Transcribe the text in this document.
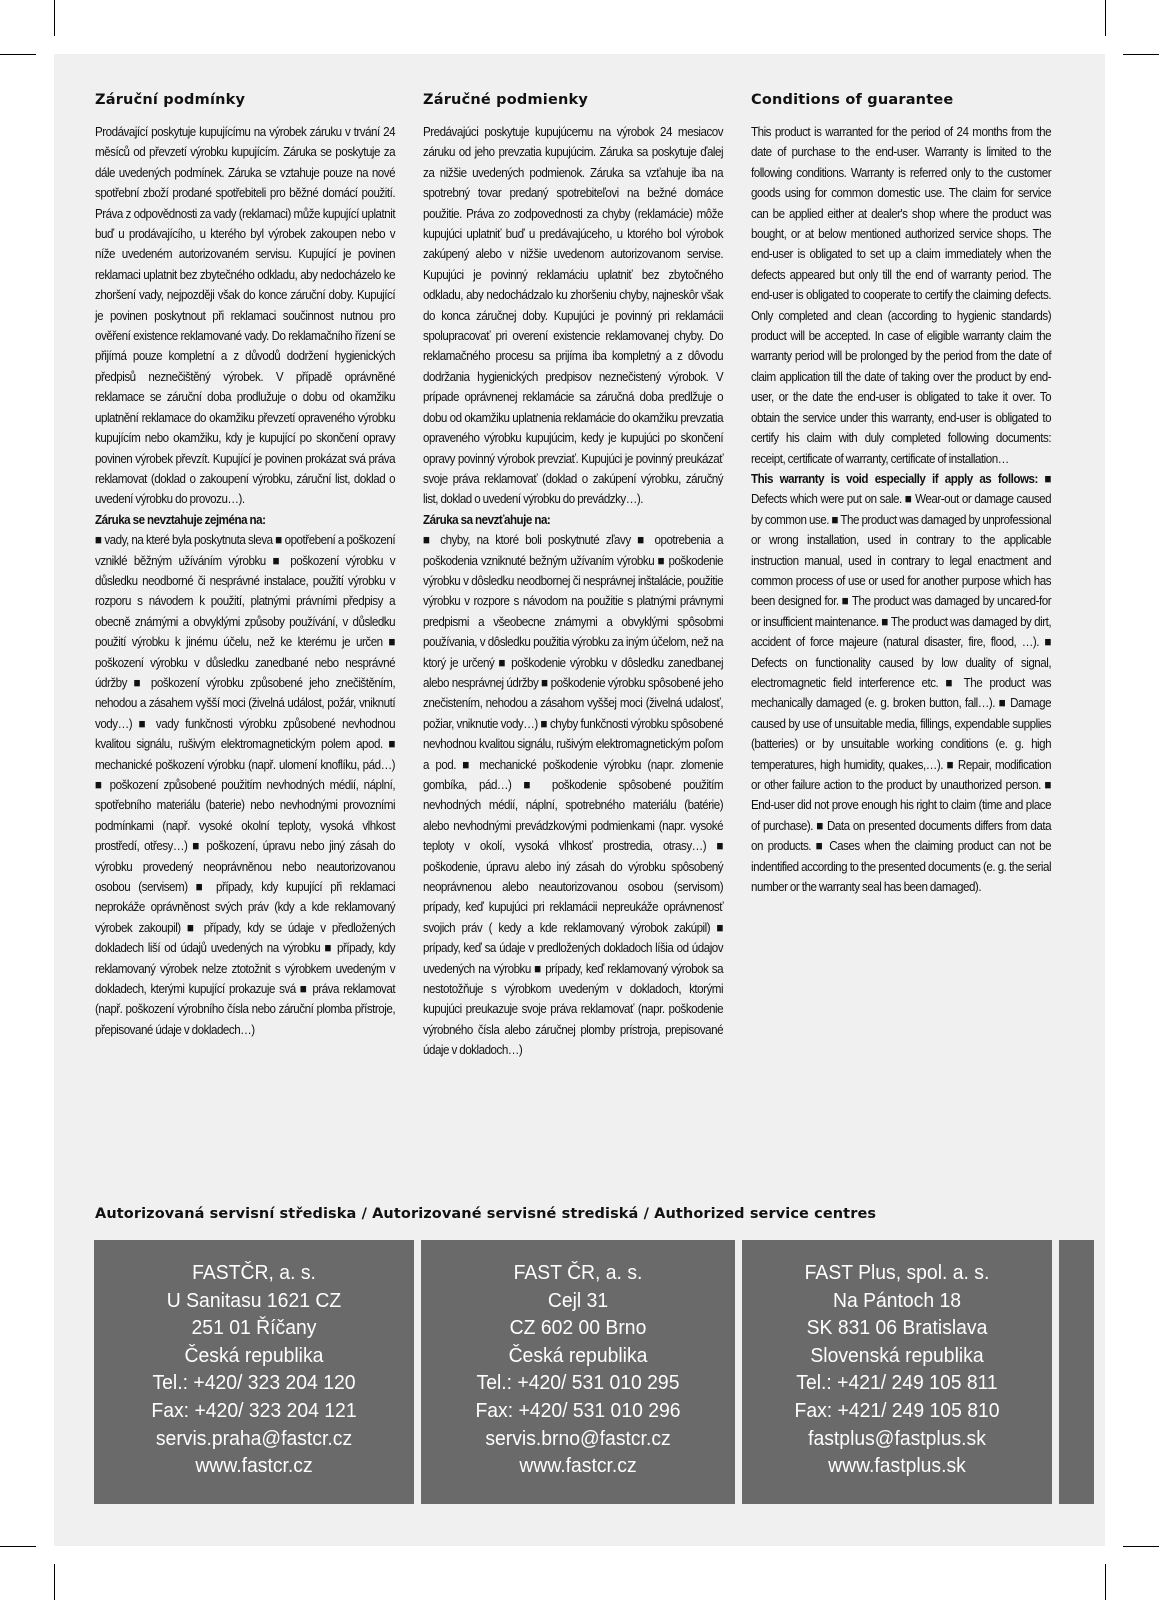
Záruční podmínky

Prodávající poskytuje kupujícímu na výrobek záruku v trvání 24 měsíců od převzetí výrobku kupujícím. Záruka se poskytuje za dále uvedených podmínek. Záruka se vztahuje pouze na nové spotřební zboží prodané spotřebiteli pro běžné domácí použití. Práva z odpovědnosti za vady (reklamaci) může kupující uplatnit buď u prodávajícího, u kterého byl výrobek zakoupen nebo v níže uvedeném autorizovaném servisu. Kupující je povinen reklamaci uplatnit bez zbytečného odkladu, aby nedocházelo ke zhoršení vady, nejpozději však do konce záruční doby. Kupující je povinen poskytnout při reklamaci součinnost nutnou pro ověření existence reklamované vady. Do reklamačního řízení se přijímá pouze kompletní a z důvodů dodržení hygienických předpisů neznečištěný výrobek. V případě oprávněné reklamace se záruční doba prodlužuje o dobu od okamžiku uplatnění reklamace do okamžiku převzetí opraveného výrobku kupujícím nebo okamžiku, kdy je kupující po skončení opravy povinen výrobek převzít. Kupující je povinen prokázat svá práva reklamovat (doklad o zakoupení výrobku, záruční list, doklad o uvedení výrobku do provozu…).

Záruka se nevztahuje zejména na:

■ vady, na které byla poskytnuta sleva ■ opotřebení a poškození vzniklé běžným užíváním výrobku ■ poškození výrobku v důsledku neodborné či nesprávné instalace, použití výrobku v rozporu s návodem k použití, platnými právními předpisy a obecně známými a obvyklými způsoby používání, v důsledku použití výrobku k jinému účelu, než ke kterému je určen ■ poškození výrobku v důsledku zanedbané nebo nesprávné údržby ■ poškození výrobku způsobené jeho znečištěním, nehodou a zásahem vyšší moci (živelná událost, požár, vniknutí vody…) ■ vady funkčnosti výrobku způsobené nevhodnou kvalitou signálu, rušivým elektromagnetickým polem apod. ■ mechanické poškození výrobku (např. ulomení knoflíku, pád…) ■ poškození způsobené použitím nevhodných médií, náplní, spotřebního materiálu (baterie) nebo nevhodnými provozními podmínkami (např. vysoké okolní teploty, vysoká vlhkost prostředí, otřesy…) ■ poškození, úpravu nebo jiný zásah do výrobku provedený neoprávněnou nebo neautorizovanou osobou (servisem) ■ případy, kdy kupující při reklamaci neprokáže oprávněnost svých práv (kdy a kde reklamovaný výrobek zakoupil) ■ případy, kdy se údaje v předložených dokladech liší od údajů uvedených na výrobku ■ případy, kdy reklamovaný výrobek nelze ztotožnit s výrobkem uvedeným v dokladech, kterými kupující prokazuje svá ■ práva reklamovat (např. poškození výrobního čísla nebo záruční plomba přístroje, přepisované údaje v dokladech…)

Záručné podmienky

Predávajúci poskytuje kupujúcemu na výrobok 24 mesiacov záruku od jeho prevzatia kupujúcim. Záruka sa poskytuje ďalej za nižšie uvedených podmienok. Záruka sa vzťahuje iba na spotrebný tovar predaný spotrebiteľovi na bežné domáce použitie. Práva zo zodpovednosti za chyby (reklamácie) môže kupujúci uplatniť buď u predávajúceho, u ktorého bol výrobok zakúpený alebo v nižšie uvedenom autorizovanom servise. Kupujúci je povinný reklamáciu uplatniť bez zbytočného odkladu, aby nedochádzalo ku zhoršeniu chyby, najneskôr však do konca záručnej doby. Kupujúci je povinný pri reklamácii spolupracovať pri overení existencie reklamovanej chyby. Do reklamačného procesu sa prijíma iba kompletný a z dôvodu dodržania hygienických predpisov neznečistený výrobok. V prípade oprávnenej reklamácie sa záručná doba predlžuje o dobu od okamžiku uplatnenia reklamácie do okamžiku prevzatia opraveného výrobku kupujúcim, kedy je kupujúci po skončení opravy povinný výrobok prevziať. Kupujúci je povinný preukázať svoje práva reklamovať (doklad o zakúpení výrobku, záručný list, doklad o uvedení výrobku do prevádzky…).

Záruka sa nevzťahuje na:

■ chyby, na ktoré boli poskytnuté zľavy ■ opotrebenia a poškodenia vzniknuté bežným užívaním výrobku ■ poškodenie výrobku v dôsledku neodbornej či nesprávnej inštalácie, použitie výrobku v rozpore s návodom na použitie s platnými právnymi predpismi a všeobecne známymi a obvyklými spôsobmi používania, v dôsledku použitia výrobku za iným účelom, než na ktorý je určený ■ poškodenie výrobku v dôsledku zanedbanej alebo nesprávnej údržby ■ poškodenie výrobku spôsobené jeho znečistením, nehodou a zásahom vyššej moci (živelná udalosť, požiar, vniknutie vody…) ■ chyby funkčnosti výrobku spôsobené nevhodnou kvalitou signálu, rušivým elektromagnetickým poľom a pod. ■ mechanické poškodenie výrobku (napr. zlomenie gombíka, pád…) ■ poškodenie spôsobené použitím nevhodných médií, náplní, spotrebného materiálu (batérie) alebo nevhodnými prevádzkovými podmienkami (napr. vysoké teploty v okolí, vysoká vlhkosť prostredia, otrasy…) ■ poškodenie, úpravu alebo iný zásah do výrobku spôsobený neoprávnenou alebo neautorizovanou osobou (servisom) prípady, keď kupujúci pri reklamácii nepreukáže oprávnenosť svojich práv ( kedy a kde reklamovaný výrobok zakúpil) ■ prípady, keď sa údaje v predložených dokladoch líšia od údajov uvedených na výrobku ■ prípady, keď reklamovaný výrobok sa nestotožňuje s výrobkom uvedeným v dokladoch, ktorými kupujúci preukazuje svoje práva reklamovať (napr. poškodenie výrobného čísla alebo záručnej plomby prístroja, prepisované údaje v dokladoch…)

Conditions of guarantee

This product is warranted for the period of 24 months from the date of purchase to the end-user. Warranty is limited to the following conditions. Warranty is referred only to the customer goods using for common domestic use. The claim for service can be applied either at dealer's shop where the product was bought, or at below mentioned authorized service shops. The end-user is obligated to set up a claim immediately when the defects appeared but only till the end of warranty period. The end-user is obligated to cooperate to certify the claiming defects. Only completed and clean (according to hygienic standards) product will be accepted. In case of eligible warranty claim the warranty period will be prolonged by the period from the date of claim application till the date of taking over the product by end-user, or the date the end-user is obligated to take it over. To obtain the service under this warranty, end-user is obligated to certify his claim with duly completed following documents: receipt, certificate of warranty, certificate of installation…

This warranty is void especially if apply as follows: ■ Defects which were put on sale. ■ Wear-out or damage caused by common use. ■ The product was damaged by unprofessional or wrong installation, used in contrary to the applicable instruction manual, used in contrary to legal enactment and common process of use or used for another purpose which has been designed for. ■ The product was damaged by uncared-for or insufficient maintenance. ■ The product was damaged by dirt, accident of force majeure (natural disaster, fire, flood, …). ■ Defects on functionality caused by low duality of signal, electromagnetic field interference etc. ■ The product was mechanically damaged (e. g. broken button, fall…). ■ Damage caused by use of unsuitable media, fillings, expendable supplies (batteries) or by unsuitable working conditions (e. g. high temperatures, high humidity, quakes,…). ■ Repair, modification or other failure action to the product by unauthorized person. ■ End-user did not prove enough his right to claim (time and place of purchase). ■ Data on presented documents differs from data on products. ■ Cases when the claiming product can not be indentified according to the presented documents (e. g. the serial number or the warranty seal has been damaged).

Autorizovaná servisní střediska / Autorizované servisné strediská / Authorized service centres
FASTČR, a. s.
U Sanitasu 1621 CZ
251 01 Říčany
Česká republika
Tel.: +420/ 323 204 120
Fax: +420/ 323 204 121
servis.praha@fastcr.cz
www.fastcr.cz
FAST ČR, a. s.
Cejl 31
CZ 602 00 Brno
Česká republika
Tel.: +420/ 531 010 295
Fax: +420/ 531 010 296
servis.brno@fastcr.cz
www.fastcr.cz
FAST Plus, spol. a. s.
Na Pántoch 18
SK 831 06 Bratislava
Slovenská republika
Tel.: +421/ 249 105 811
Fax: +421/ 249 105 810
fastplus@fastplus.sk
www.fastplus.sk
